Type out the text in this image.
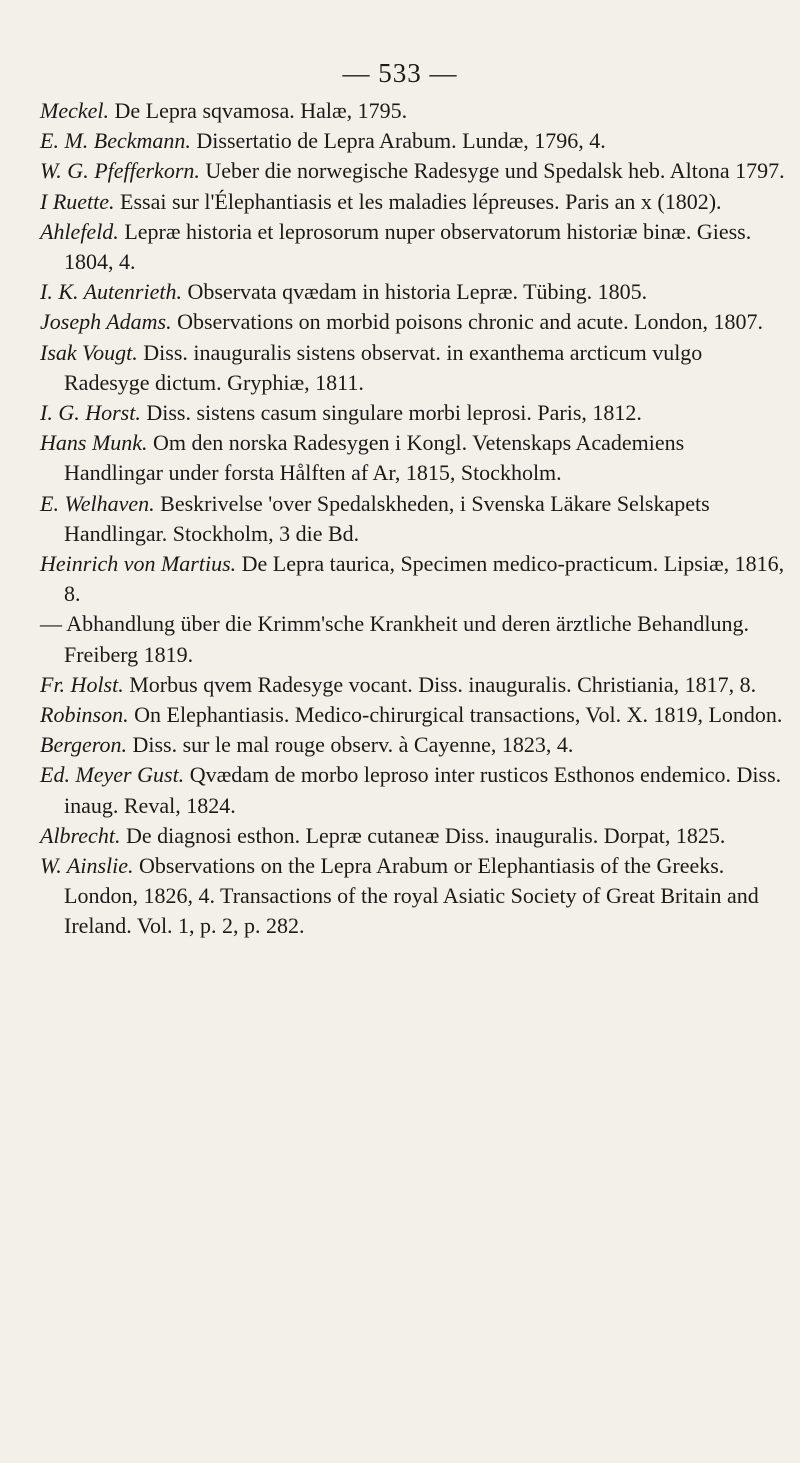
— 533 —

Meckel. De Lepra sqvamosa. Halæ, 1795.

E. M. Beckmann. Dissertatio de Lepra Arabum. Lundæ, 1796, 4.

W. G. Pfefferkorn. Ueber die norwegische Radesyge und Spedalsk heb. Altona 1797.

I Ruette. Essai sur l'Élephantiasis et les maladies lépreuses. Paris an x (1802).

Ahlefeld. Lepræ historia et leprosorum nuper observatorum historiæ binæ. Giess. 1804, 4.

I. K. Autenrieth. Observata qvædam in historia Lepræ. Tübing. 1805.

Joseph Adams. Observations on morbid poisons chronic and acute. London, 1807.

Isak Vougt. Diss. inauguralis sistens observat. in exanthema arcticum vulgo Radesyge dictum. Gryphiæ, 1811.

I. G. Horst. Diss. sistens casum singulare morbi leprosi. Paris, 1812.

Hans Munk. Om den norska Radesygen i Kongl. Vetenskaps Academiens Handlingar under forsta Hålften af Ar, 1815, Stockholm.

E. Welhaven. Beskrivelse 'over Spedalskheden, i Svenska Läkare Selskapets Handlingar. Stockholm, 3 die Bd.

Heinrich von Martius. De Lepra taurica, Specimen medico-practicum. Lipsiæ, 1816, 8.

— Abhandlung über die Krimm'sche Krankheit und deren ärztliche Behandlung. Freiberg 1819.

Fr. Holst. Morbus qvem Radesyge vocant. Diss. inauguralis. Christiania, 1817, 8.

Robinson. On Elephantiasis. Medico-chirurgical transactions, Vol. X. 1819, London.

Bergeron. Diss. sur le mal rouge observ. à Cayenne, 1823, 4.

Ed. Meyer Gust. Qvædam de morbo leproso inter rusticos Esthonos endemico. Diss. inaug. Reval, 1824.

Albrecht. De diagnosi esthon. Lepræ cutaneæ Diss. inauguralis. Dorpat, 1825.

W. Ainslie. Observations on the Lepra Arabum or Elephantiasis of the Greeks. London, 1826, 4. Transactions of the royal Asiatic Society of Great Britain and Ireland. Vol. 1, p. 2, p. 282.
